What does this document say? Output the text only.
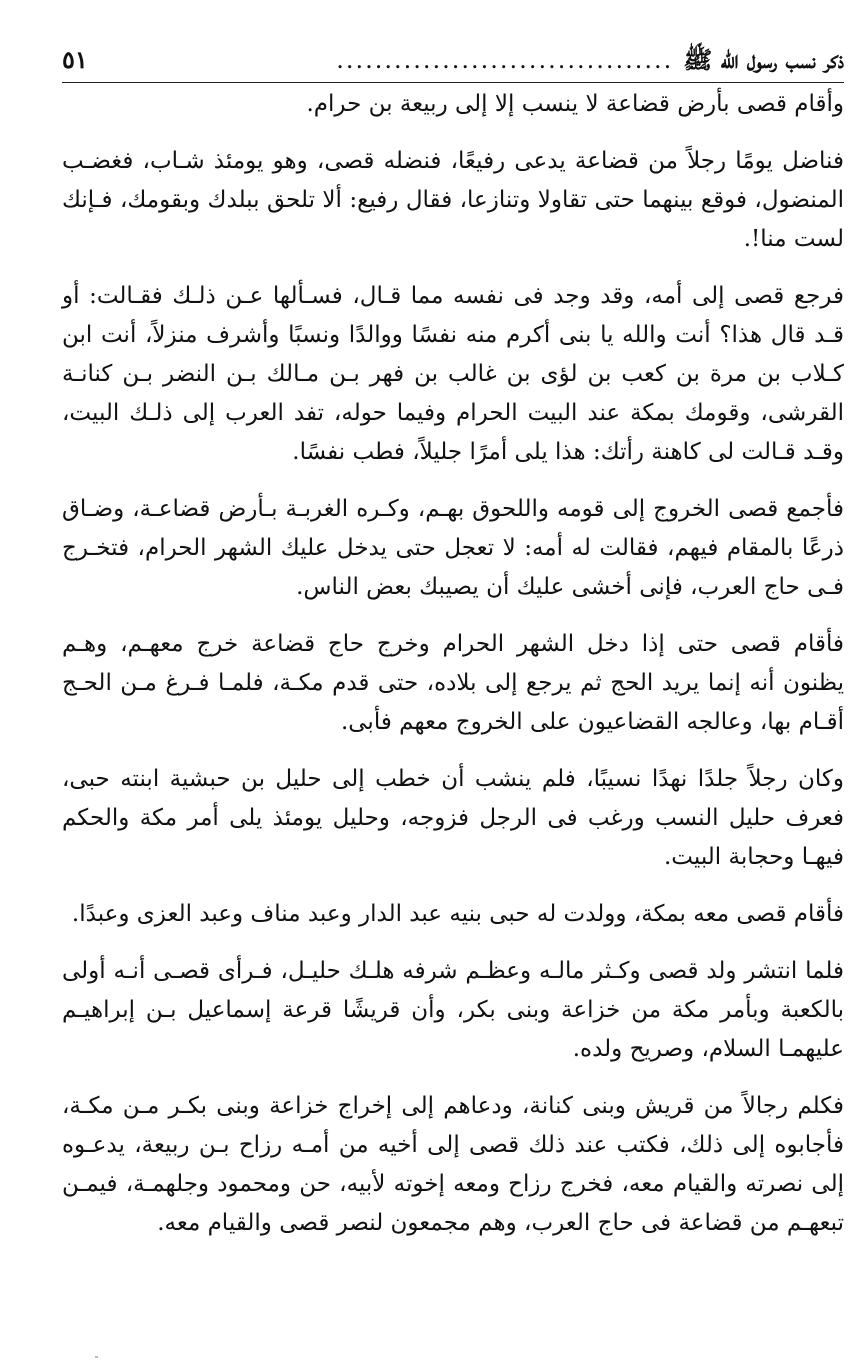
ذكر نسب رسول الله ﷺ
...................................
٥١

وأقام قصى بأرض قضاعة لا ينسب إلا إلى ربيعة بن حرام.

فناضل يومًا رجلاً من قضاعة يدعى رفيعًا، فنضله قصى، وهو يومئذ شـاب، فغضـب المنضول، فوقع بينهما حتى تقاولا وتنازعا، فقال رفيع: ألا تلحق ببلدك وبقومك، فـإنك لست منا!.

فرجع قصى إلى أمه، وقد وجد فى نفسه مما قـال، فسـألها عـن ذلـك فقـالت: أو قـد قال هذا؟ أنت والله يا بنى أكرم منه نفسًا ووالدًا ونسبًا وأشرف منزلاً، أنت ابن كـلاب بن مرة بن كعب بن لؤى بن غالب بن فهر بـن مـالك بـن النضر بـن كنانـة القرشى، وقومك بمكة عند البيت الحرام وفيما حوله، تفد العرب إلى ذلـك البيت، وقـد قـالت لى كاهنة رأتك: هذا يلى أمرًا جليلاً، فطب نفسًا.

فأجمع قصى الخروج إلى قومه واللحوق بهـم، وكـره الغربـة بـأرض قضاعـة، وضـاق ذرعًا بالمقام فيهم، فقالت له أمه: لا تعجل حتى يدخل عليك الشهر الحرام، فتخـرج فـى حاج العرب، فإنى أخشى عليك أن يصيبك بعض الناس.

فأقام قصى حتى إذا دخل الشهر الحرام وخرج حاج قضاعة خرج معهـم، وهـم يظنون أنه إنما يريد الحج ثم يرجع إلى بلاده، حتى قدم مكـة، فلمـا فـرغ مـن الحـج أقـام بها، وعالجه القضاعيون على الخروج معهم فأبى.

وكان رجلاً جلدًا نهدًا نسيبًا، فلم ينشب أن خطب إلى حليل بن حبشية ابنته حبى، فعرف حليل النسب ورغب فى الرجل فزوجه، وحليل يومئذ يلى أمر مكة والحكم فيهـا وحجابة البيت.

فأقام قصى معه بمكة، وولدت له حبى بنيه عبد الدار وعبد مناف وعبد العزى وعبدًا.

فلما انتشر ولد قصى وكـثر مالـه وعظـم شرفه هلـك حليـل، فـرأى قصـى أنـه أولى بالكعبة وبأمر مكة من خزاعة وبنى بكر، وأن قريشًا قرعة إسماعيل بـن إبراهيـم عليهمـا السلام، وصريح ولده.

فكلم رجالاً من قريش وبنى كنانة، ودعاهم إلى إخراج خزاعة وبنى بكـر مـن مكـة، فأجابوه إلى ذلك، فكتب عند ذلك قصى إلى أخيه من أمـه رزاح بـن ربيعة، يدعـوه إلى نصرته والقيام معه، فخرج رزاح ومعه إخوته لأبيه، حن ومحمود وجلهمـة، فيمـن تبعهـم من قضاعة فى حاج العرب، وهم مجمعون لنصر قصى والقيام معه.
